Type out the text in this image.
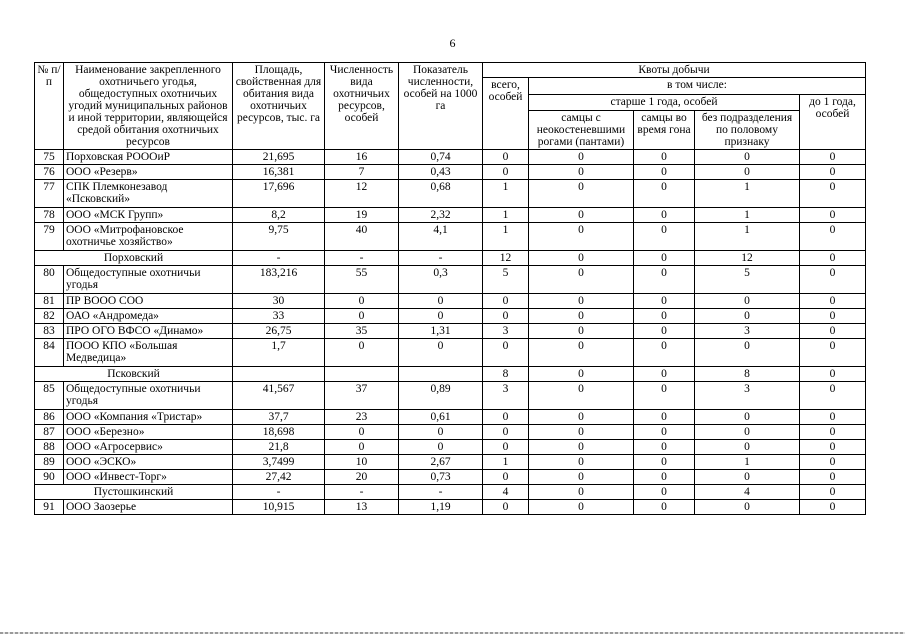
6
№ п/п	Наименование закрепленного охотничьего угодья, общедоступных охотничьих угодий муниципальных районов и иной территории, являющейся средой обитания охотничьих ресурсов	Площадь, свойственная для обитания вида охотничьих ресурсов, тыс. га	Численность вида охотничьих ресурсов, особей	Показатель численности, особей на 1000 га	Квоты добычи				
					всего, особей	в том числе:			
						старше 1 года, особей			до 1 года, особей
						самцы с неокостеневшими рогами (пантами)	самцы во время гона	без подразделения по половому признаку	
75	Порховская РОООиР	21,695	16	0,74	0	0	0	0	0
76	ООО «Резерв»	16,381	7	0,43	0	0	0	0	0
77	СПК Племконезавод «Псковский»	17,696	12	0,68	1	0	0	1	0
78	ООО «МСК Групп»	8,2	19	2,32	1	0	0	1	0
79	ООО «Митрофановское охотничье хозяйство»	9,75	40	4,1	1	0	0	1	0
Порховский		-	-	-	12	0	0	12	0
80	Общедоступные охотничьи угодья	183,216	55	0,3	5	0	0	5	0
81	ПР ВООО СОО	30	0	0	0	0	0	0	0
82	ОАО «Андромеда»	33	0	0	0	0	0	0	0
83	ПРО ОГО ВФСО «Динамо»	26,75	35	1,31	3	0	0	3	0
84	ПООО КПО «Большая Медведица»	1,7	0	0	0	0	0	0	0
Псковский					8	0	0	8	0
85	Общедоступные охотничьи угодья	41,567	37	0,89	3	0	0	3	0
86	ООО «Компания «Тристар»	37,7	23	0,61	0	0	0	0	0
87	ООО «Березно»	18,698	0	0	0	0	0	0	0
88	ООО «Агросервис»	21,8	0	0	0	0	0	0	0
89	ООО «ЭСКО»	3,7499	10	2,67	1	0	0	1	0
90	ООО «Инвест-Торг»	27,42	20	0,73	0	0	0	0	0
Пустошкинский		-	-	-	4	0	0	4	0
91	ООО Заозерье	10,915	13	1,19	0	0	0	0	0
